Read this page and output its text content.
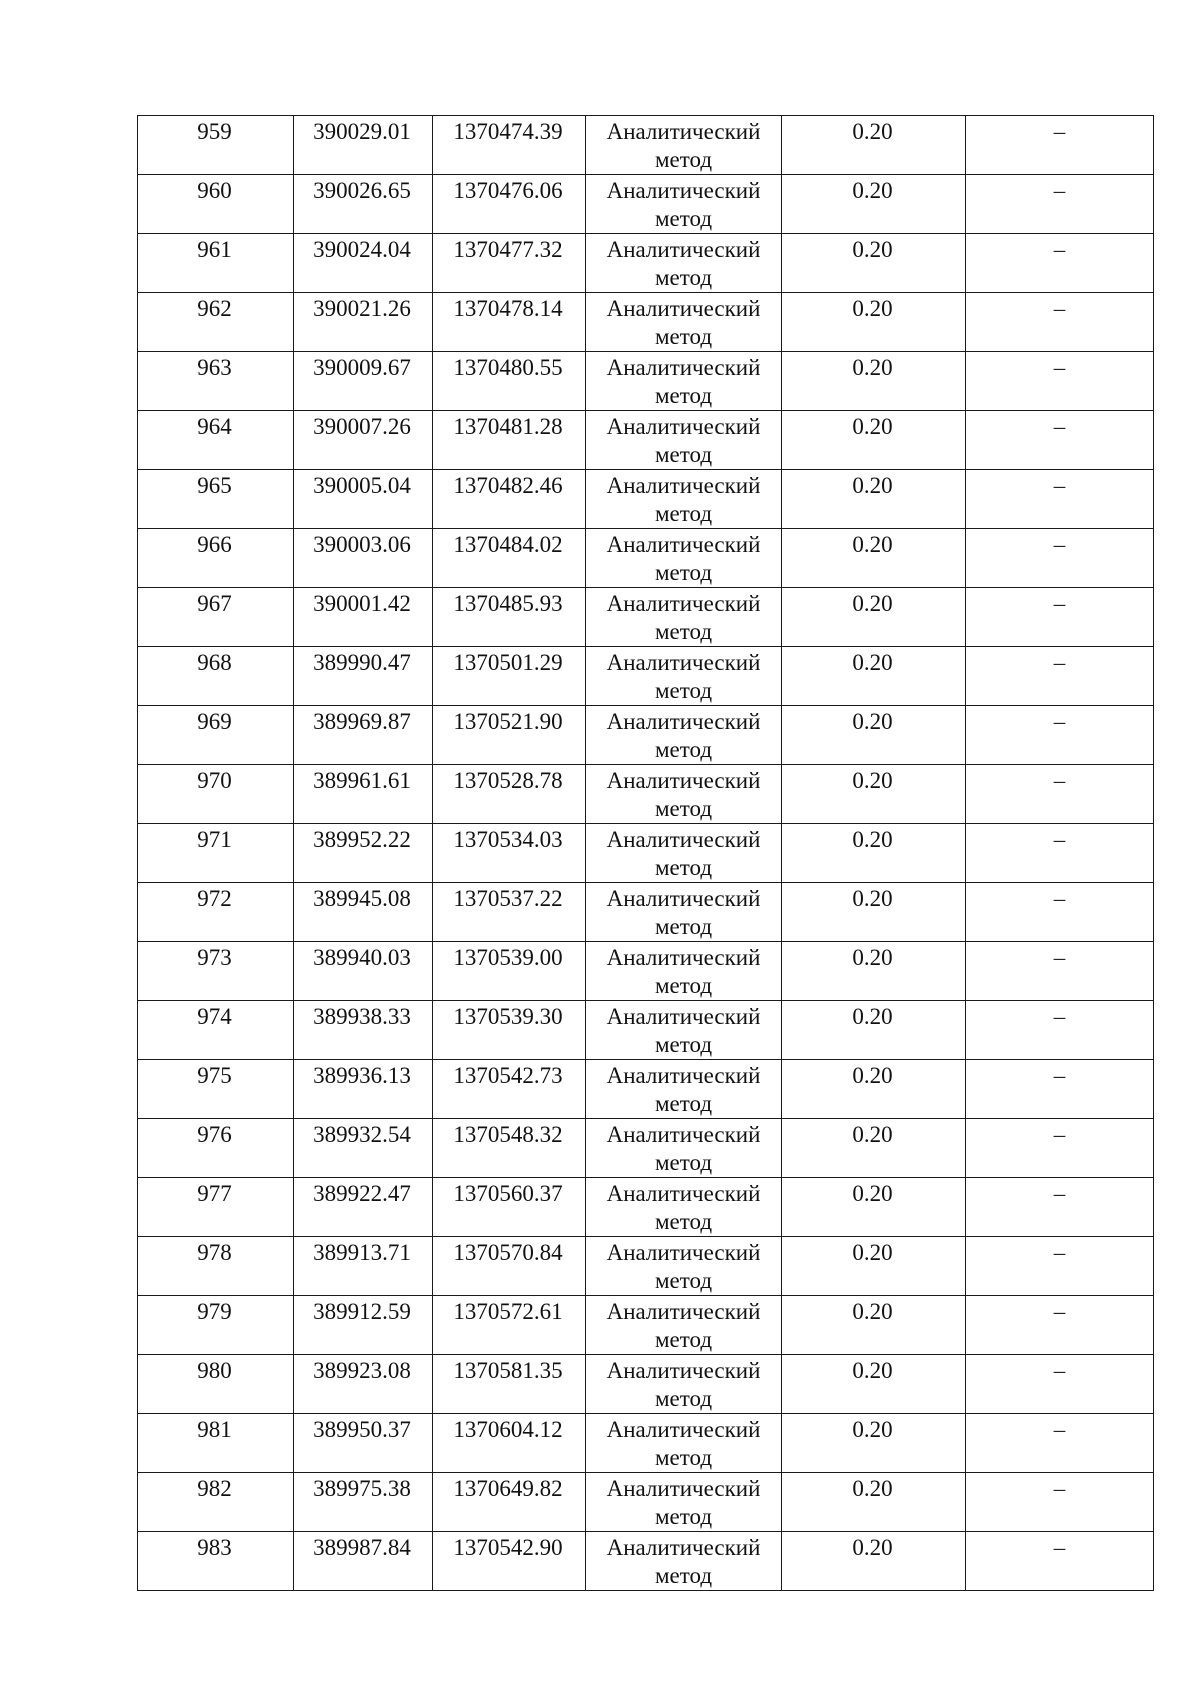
959	390029.01	1370474.39	Аналитический
метод	0.20	–

960	390026.65	1370476.06	Аналитический
метод	0.20	–

961	390024.04	1370477.32	Аналитический
метод	0.20	–

962	390021.26	1370478.14	Аналитический
метод	0.20	–

963	390009.67	1370480.55	Аналитический
метод	0.20	–

964	390007.26	1370481.28	Аналитический
метод	0.20	–

965	390005.04	1370482.46	Аналитический
метод	0.20	–

966	390003.06	1370484.02	Аналитический
метод	0.20	–

967	390001.42	1370485.93	Аналитический
метод	0.20	–

968	389990.47	1370501.29	Аналитический
метод	0.20	–

969	389969.87	1370521.90	Аналитический
метод	0.20	–

970	389961.61	1370528.78	Аналитический
метод	0.20	–

971	389952.22	1370534.03	Аналитический
метод	0.20	–

972	389945.08	1370537.22	Аналитический
метод	0.20	–

973	389940.03	1370539.00	Аналитический
метод	0.20	–

974	389938.33	1370539.30	Аналитический
метод	0.20	–

975	389936.13	1370542.73	Аналитический
метод	0.20	–

976	389932.54	1370548.32	Аналитический
метод	0.20	–

977	389922.47	1370560.37	Аналитический
метод	0.20	–

978	389913.71	1370570.84	Аналитический
метод	0.20	–

979	389912.59	1370572.61	Аналитический
метод	0.20	–

980	389923.08	1370581.35	Аналитический
метод	0.20	–

981	389950.37	1370604.12	Аналитический
метод	0.20	–

982	389975.38	1370649.82	Аналитический
метод	0.20	–

983	389987.84	1370542.90	Аналитический
метод	0.20	–
